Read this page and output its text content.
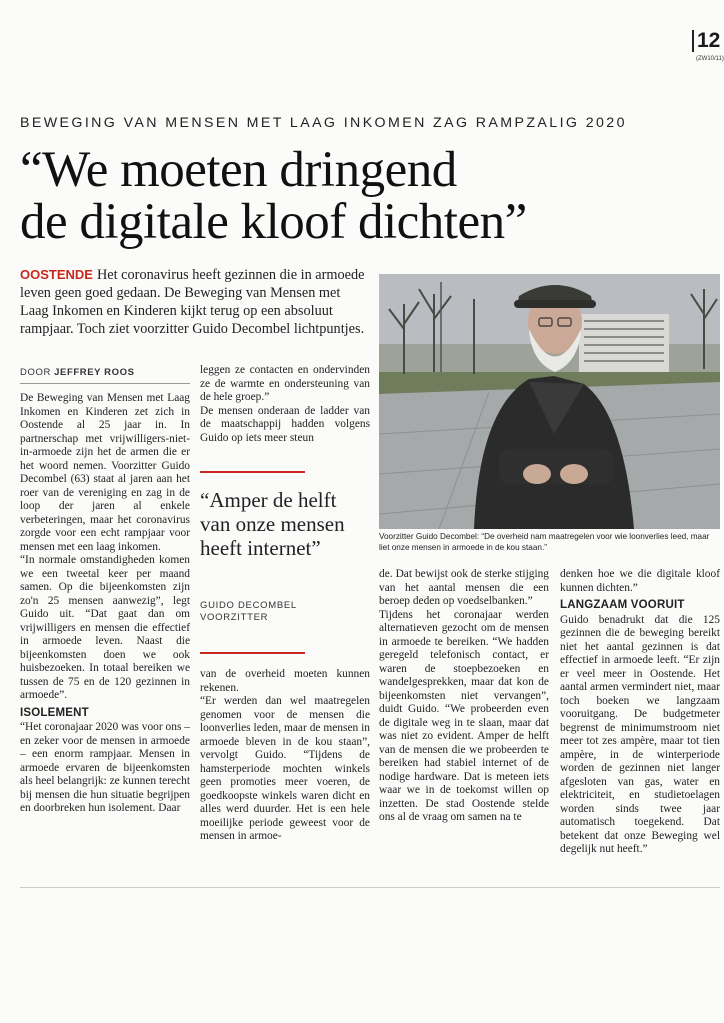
12
(ZW10/11)
BEWEGING VAN MENSEN MET LAAG INKOMEN ZAG RAMPZALIG 2020
“We moeten dringend
de digitale kloof dichten”
OOSTENDE Het coronavirus heeft gezinnen die in armoede leven geen goed gedaan. De Beweging van Mensen met Laag Inkomen en Kinderen kijkt terug op een absoluut rampjaar. Toch ziet voorzitter Guido Decombel lichtpuntjes.
DOOR JEFFREY ROOS

De Beweging van Mensen met Laag Inkomen en Kinderen zet zich in Oostende al 25 jaar in. In partnerschap met vrijwilligers-niet-in-armoede zijn het de armen die er het woord nemen. Voorzitter Guido Decombel (63) staat al jaren aan het roer van de vereniging en zag in de loop der jaren al enkele verbeteringen, maar het coronavirus zorgde voor een echt rampjaar voor mensen met een laag inkomen.

“In normale omstandigheden komen we een tweetal keer per maand samen. Op die bijeenkomsten zijn zo'n 25 mensen aanwezig”, legt Guido uit. “Dat gaat dan om vrijwilligers en mensen die effectief in armoede leven. Naast die bijeenkomsten doen we ook huisbezoeken. In totaal bereiken we tussen de 75 en de 120 gezinnen in armoede”.

ISOLEMENT

“Het coronajaar 2020 was voor ons – en zeker voor de mensen in armoede – een enorm rampjaar. Mensen in armoede ervaren de bijeenkomsten als heel belangrijk: ze kunnen terecht bij mensen die hun situatie begrijpen en doorbreken hun isolement. Daar

leggen ze contacten en ondervinden ze de warmte en ondersteuning van de hele groep.”

De mensen onderaan de ladder van de maatschappij hadden volgens Guido op iets meer steun

“Amper de helft van onze mensen heeft internet”
GUIDO DECOMBEL
VOORZITTER

van de overheid moeten kunnen rekenen.

“Er werden dan wel maatregelen genomen voor de mensen die loonverlies leden, maar de mensen in armoede bleven in de kou staan”, vervolgt Guido. “Tijdens de hamsterperiode mochten winkels geen promoties meer voeren, de goedkoopste winkels waren dicht en alles werd duurder. Het is een hele moeilijke periode geweest voor de mensen in armoe-

Voorzitter Guido Decombel: “De overheid nam maatregelen voor wie loonverlies leed, maar liet onze mensen in armoede in de kou staan.”

de. Dat bewijst ook de sterke stijging van het aantal mensen die een beroep deden op voedselbanken.”

Tijdens het coronajaar werden alternatieven gezocht om de mensen in armoede te bereiken. “We hadden geregeld telefonisch contact, er waren de stoepbezoeken en wandelgesprekken, maar dat kon de bijeenkomsten niet vervangen”, duidt Guido. “We probeerden even de digitale weg in te slaan, maar dat was niet zo evident. Amper de helft van de mensen die we probeerden te bereiken had stabiel internet of de nodige hardware. Dat is meteen iets waar we in de toekomst willen op inzetten. De stad Oostende stelde ons al de vraag om samen na te

denken hoe we die digitale kloof kunnen dichten.”

LANGZAAM VOORUIT

Guido benadrukt dat die 125 gezinnen die de beweging bereikt niet het aantal gezinnen is dat effectief in armoede leeft. “Er zijn er veel meer in Oostende. Het aantal armen vermindert niet, maar toch boeken we langzaam vooruitgang. De budgetmeter begrenst de minimumstroom niet meer tot zes ampère, maar tot tien ampère, in de winterperiode worden de gezinnen niet langer afgesloten van gas, water en elektriciteit, en studietoelagen worden sinds twee jaar automatisch toegekend. Dat betekent dat onze Beweging wel degelijk nut heeft.”
